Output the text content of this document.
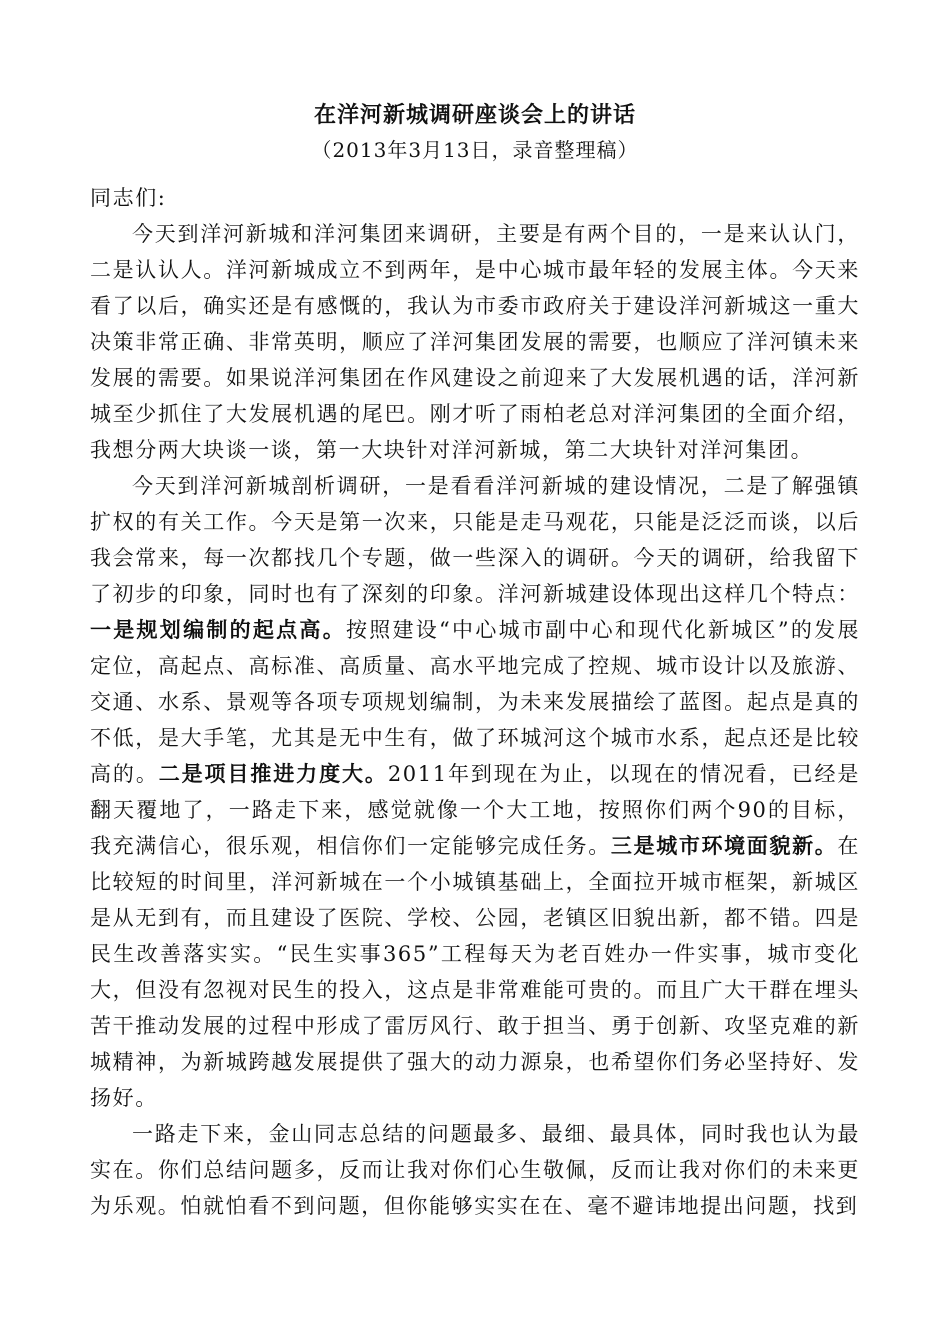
在洋河新城调研座谈会上的讲话

（2013年3月13日，录音整理稿）

同志们:

今天到洋河新城和洋河集团来调研，主要是有两个目的，一是来认认门，二是认认人。洋河新城成立不到两年，是中心城市最年轻的发展主体。今天来看了以后，确实还是有感慨的，我认为市委市政府关于建设洋河新城这一重大决策非常正确、非常英明，顺应了洋河集团发展的需要，也顺应了洋河镇未来发展的需要。如果说洋河集团在作风建设之前迎来了大发展机遇的话，洋河新城至少抓住了大发展机遇的尾巴。刚才听了雨柏老总对洋河集团的全面介绍，我想分两大块谈一谈，第一大块针对洋河新城，第二大块针对洋河集团。

今天到洋河新城剖析调研，一是看看洋河新城的建设情况，二是了解强镇扩权的有关工作。今天是第一次来，只能是走马观花，只能是泛泛而谈，以后我会常来，每一次都找几个专题，做一些深入的调研。今天的调研，给我留下了初步的印象，同时也有了深刻的印象。洋河新城建设体现出这样几个特点：一是规划编制的起点高。按照建设“中心城市副中心和现代化新城区”的发展定位，高起点、高标准、高质量、高水平地完成了控规、城市设计以及旅游、交通、水系、景观等各项专项规划编制，为未来发展描绘了蓝图。起点是真的不低，是大手笔，尤其是无中生有，做了环城河这个城市水系，起点还是比较高的。二是项目推进力度大。2011年到现在为止，以现在的情况看，已经是翻天覆地了，一路走下来，感觉就像一个大工地，按照你们两个90的目标，我充满信心，很乐观，相信你们一定能够完成任务。三是城市环境面貌新。在比较短的时间里，洋河新城在一个小城镇基础上，全面拉开城市框架，新城区是从无到有，而且建设了医院、学校、公园，老镇区旧貌出新，都不错。四是民生改善落实实。“民生实事365”工程每天为老百姓办一件实事，城市变化大，但没有忽视对民生的投入，这点是非常难能可贵的。而且广大干群在埋头苦干推动发展的过程中形成了雷厉风行、敢于担当、勇于创新、攻坚克难的新城精神，为新城跨越发展提供了强大的动力源泉，也希望你们务必坚持好、发扬好。

一路走下来，金山同志总结的问题最多、最细、最具体，同时我也认为最实在。你们总结问题多，反而让我对你们心生敬佩，反而让我对你们的未来更为乐观。怕就怕看不到问题，但你能够实实在在、毫不避讳地提出问题，找到
